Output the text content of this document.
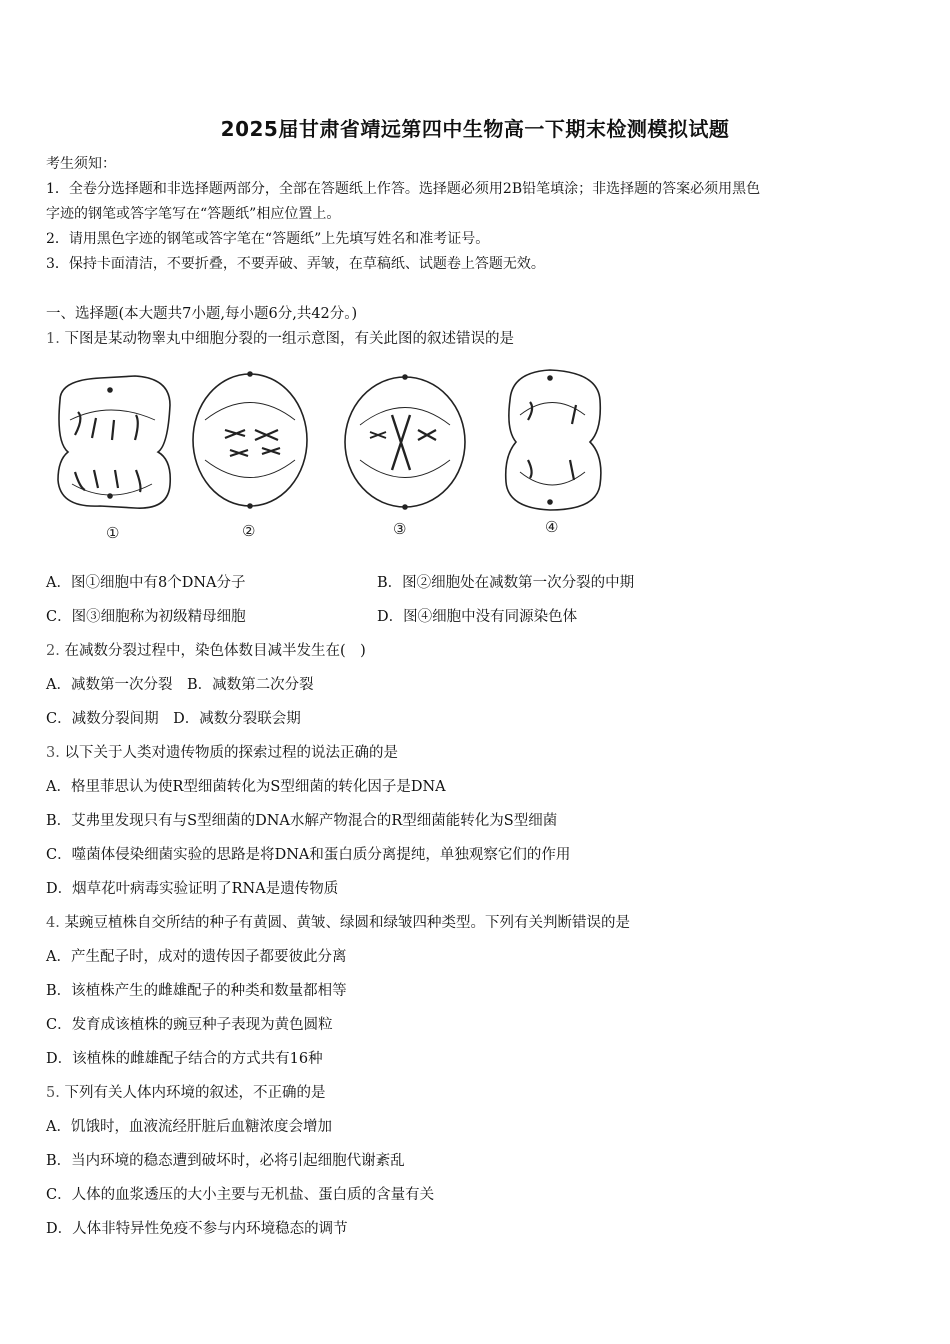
2025届甘肃省靖远第四中生物高一下期末检测模拟试题

考生须知：

1．全卷分选择题和非选择题两部分，全部在答题纸上作答。选择题必须用2B铅笔填涂；非选择题的答案必须用黑色

字迹的钢笔或答字笔写在“答题纸”相应位置上。

2．请用黑色字迹的钢笔或答字笔在“答题纸”上先填写姓名和准考证号。

3．保持卡面清洁，不要折叠，不要弄破、弄皱，在草稿纸、试题卷上答题无效。

一、选择题(本大题共7小题,每小题6分,共42分。)
1. 下图是某动物睾丸中细胞分裂的一组示意图，有关此图的叙述错误的是
①	②	③	④
A．图①细胞中有8个DNA分子	B．图②细胞处在减数第一次分裂的中期
C．图③细胞称为初级精母细胞	D．图④细胞中没有同源染色体
2. 在减数分裂过程中，染色体数目减半发生在(　)
A．减数第一次分裂　B．减数第二次分裂
C．减数分裂间期　D．减数分裂联会期
3. 以下关于人类对遗传物质的探索过程的说法正确的是
A．格里菲思认为使R型细菌转化为S型细菌的转化因子是DNA
B．艾弗里发现只有与S型细菌的DNA水解产物混合的R型细菌能转化为S型细菌
C．噬菌体侵染细菌实验的思路是将DNA和蛋白质分离提纯，单独观察它们的作用
D．烟草花叶病毒实验证明了RNA是遗传物质
4. 某豌豆植株自交所结的种子有黄圆、黄皱、绿圆和绿皱四种类型。下列有关判断错误的是
A．产生配子时，成对的遗传因子都要彼此分离
B．该植株产生的雌雄配子的种类和数量都相等
C．发育成该植株的豌豆种子表现为黄色圆粒
D．该植株的雌雄配子结合的方式共有16种
5. 下列有关人体内环境的叙述，不正确的是
A．饥饿时，血液流经肝脏后血糖浓度会增加
B．当内环境的稳态遭到破坏时，必将引起细胞代谢紊乱
C．人体的血浆透压的大小主要与无机盐、蛋白质的含量有关
D．人体非特异性免疫不参与内环境稳态的调节
